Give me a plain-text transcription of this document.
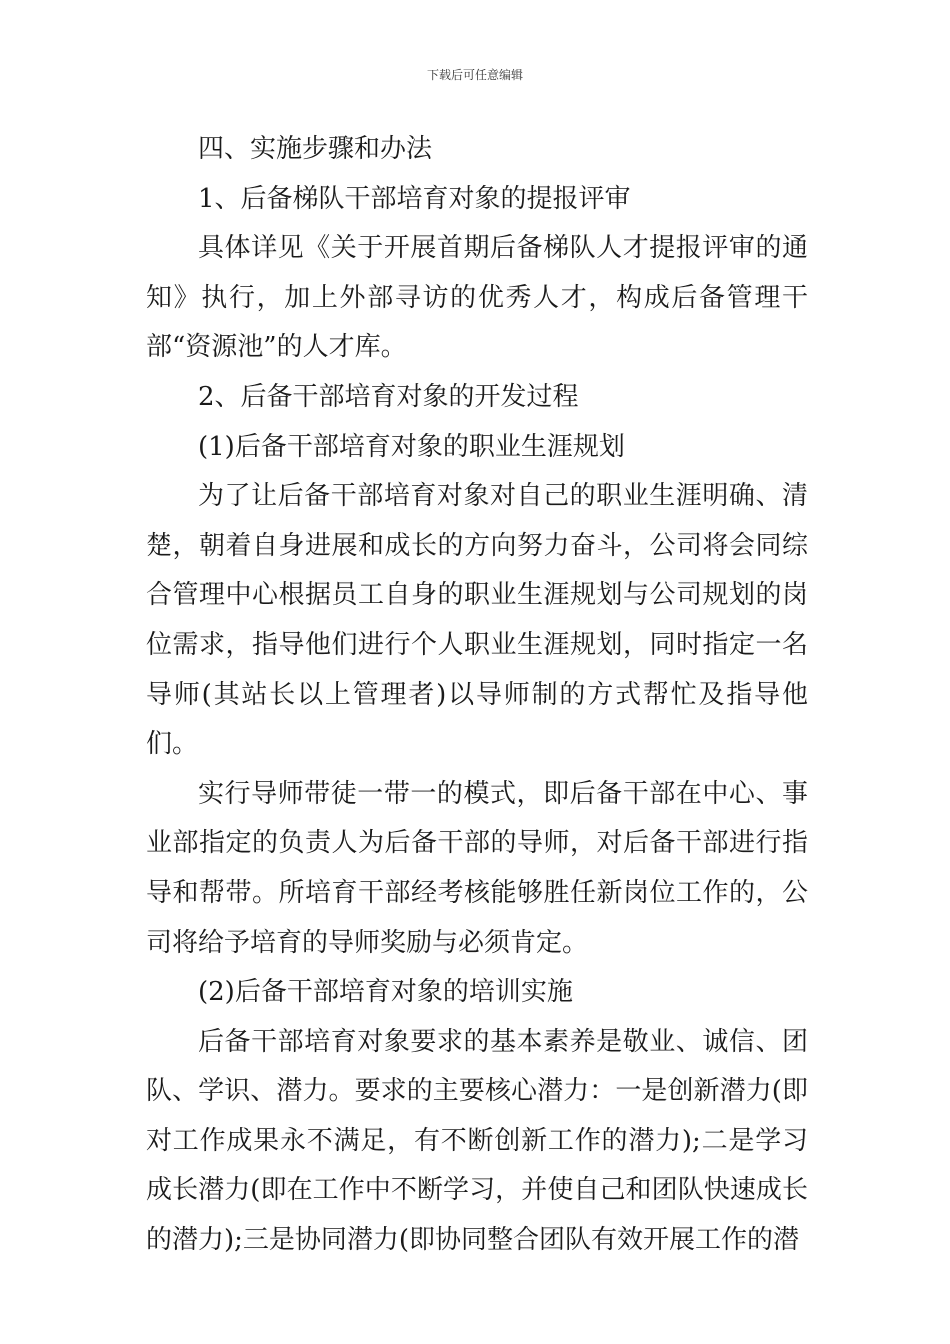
下载后可任意编辑

四、实施步骤和办法

1、后备梯队干部培育对象的提报评审

具体详见《关于开展首期后备梯队人才提报评审的通知》执行，加上外部寻访的优秀人才，构成后备管理干部“资源池”的人才库。

2、后备干部培育对象的开发过程

(1)后备干部培育对象的职业生涯规划

为了让后备干部培育对象对自己的职业生涯明确、清楚，朝着自身进展和成长的方向努力奋斗，公司将会同综合管理中心根据员工自身的职业生涯规划与公司规划的岗位需求，指导他们进行个人职业生涯规划，同时指定一名导师(其站长以上管理者)以导师制的方式帮忙及指导他们。

实行导师带徒一带一的模式，即后备干部在中心、事业部指定的负责人为后备干部的导师，对后备干部进行指导和帮带。所培育干部经考核能够胜任新岗位工作的，公司将给予培育的导师奖励与必须肯定。

(2)后备干部培育对象的培训实施

后备干部培育对象要求的基本素养是敬业、诚信、团队、学识、潜力。要求的主要核心潜力：一是创新潜力(即对工作成果永不满足，有不断创新工作的潜力);二是学习成长潜力(即在工作中不断学习，并使自己和团队快速成长的潜力);三是协同潜力(即协同整合团队有效开展工作的潜
